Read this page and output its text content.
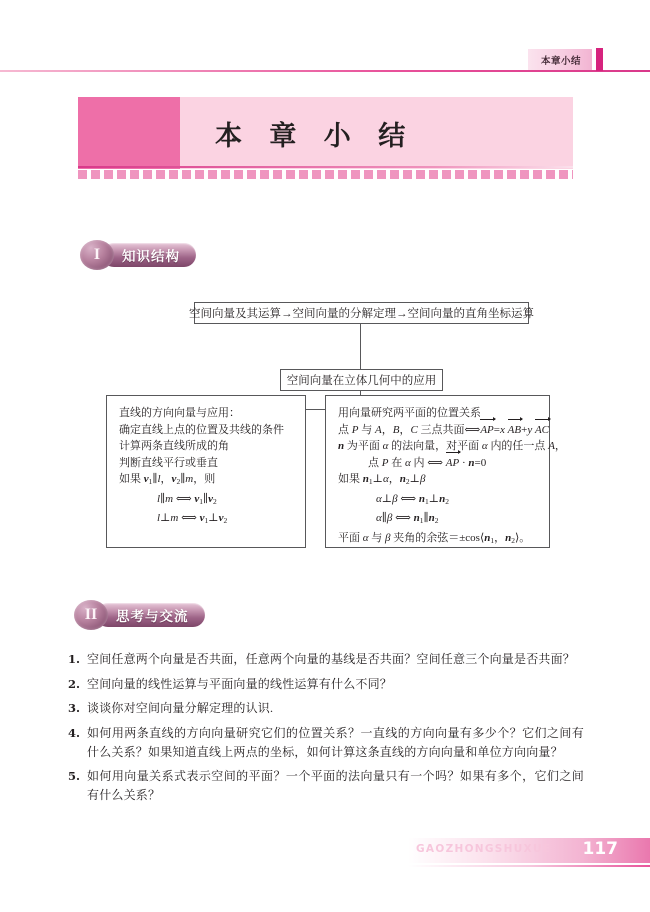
本章小结
本 章 小 结
知识结构
I
空间向量及其运算→空间向量的分解定理→空间向量的直角坐标运算
空间向量在立体几何中的应用
直线的方向向量与应用：
确定直线上点的位置及共线的条件
计算两条直线所成的角
判断直线平行或垂直
如果 $v_1\parallel l$，$v_2\parallel m$，则
l∥m ⟺ $v_1\parallel v_2$
l⊥m ⟺ $v_1\perp v_2$
用向量研究两平面的位置关系
点 P 与 A，B，C 三点共面⟺AP=x AB+y AC
n 为平面 α 的法向量，对平面 α 内的任一点 A，
点 P 在 α 内 ⟺ AP · n=0
如果 $n_1\perp\alpha$，$n_2\perp\beta$
α⊥β ⟺ $n_1\perp n_2$
α∥β ⟺ $n_1\parallel n_2$
平面 α 与 β 夹角的余弦$=\pm\cos⟨n_1$，$n_2⟩$。
思考与交流
II
1. 空间任意两个向量是否共面，任意两个向量的基线是否共面？空间任意三个向量是否共面？
2. 空间向量的线性运算与平面向量的线性运算有什么不同？
3. 谈谈你对空间向量分解定理的认识.
4. 如何用两条直线的方向向量研究它们的位置关系？一直线的方向向量有多少个？它们之间有什么关系？如果知道直线上两点的坐标，如何计算这条直线的方向向量和单位方向向量？
5. 如何用向量关系式表示空间的平面？一个平面的法向量只有一个吗？如果有多个，它们之间有什么关系？
GAOZHONGSHUXUE 117
